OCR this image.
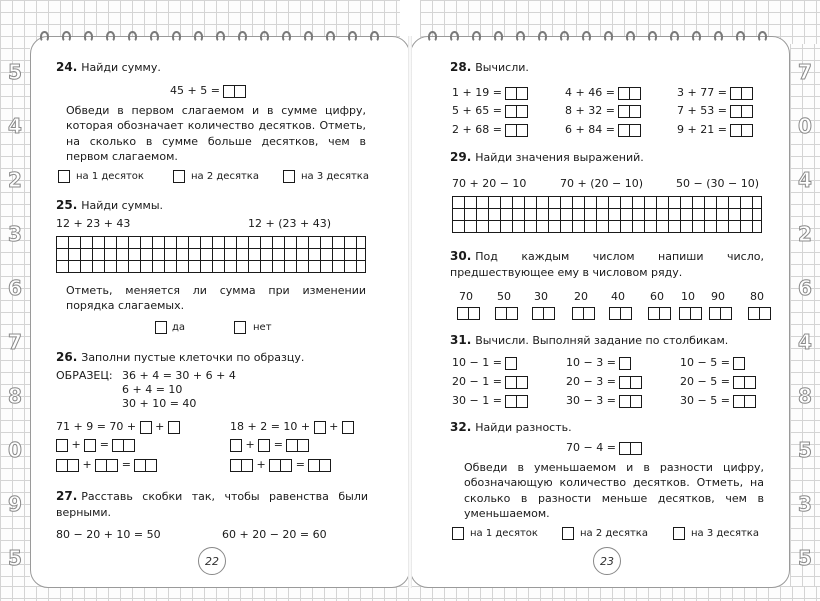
5
4
2
3
6
7
8
0
9
5
7
0
4
2
6
4
8
5
3
5
24. Найди сумму.
45 + 5 =
Обведи в первом слагаемом и в сумме цифру, которая обозначает количество десятков. Отметь, на сколько в сумме больше десятков, чем в первом слагаемом.
на 1 десяток	на 2 десятка	на 3 десятка
25. Найди суммы.
12 + 23 + 43	12 + (23 + 43)
Отметь, меняется ли сумма при изменении порядка слагаемых.
да	нет
26. Заполни пустые клеточки по образцу.
ОБРАЗЕЦ: 36 + 4 = 30 + 6 + 4
6 + 4 = 10
30 + 10 = 40
71 + 9 = 70 + +
+ =
+	=
18 + 2 = 10 + +
+ =
+	=
27. Расставь скобки так, чтобы равенства были верными.
80 − 20 + 10 = 50	60 + 20 − 20 = 60
22
28. Вычисли.
1 + 19 =	4 + 46 =	3 + 77 =
5 + 65 =	8 + 32 =	7 + 53 =
2 + 68 =	6 + 84 =	9 + 21 =
29. Найди значения выражений.
70 + 20 − 10	70 + (20 − 10)	50 − (30 − 10)
30. Под каждым числом напиши число, предшествующее ему в числовом ряду.
70 50 30 20 40 60 10 90 80
31. Вычисли. Выполняй задание по столбикам.
10 − 1 =	10 − 3 =	10 − 5 =
20 − 1 =	20 − 3 =	20 − 5 =
30 − 1 =	30 − 3 =	30 − 5 =
32. Найди разность.
70 − 4 =
Обведи в уменьшаемом и в разности цифру, обозначающую количество десятков. Отметь, на сколько в разности меньше десятков, чем в уменьшаемом.
на 1 десяток	на 2 десятка	на 3 десятка
23
